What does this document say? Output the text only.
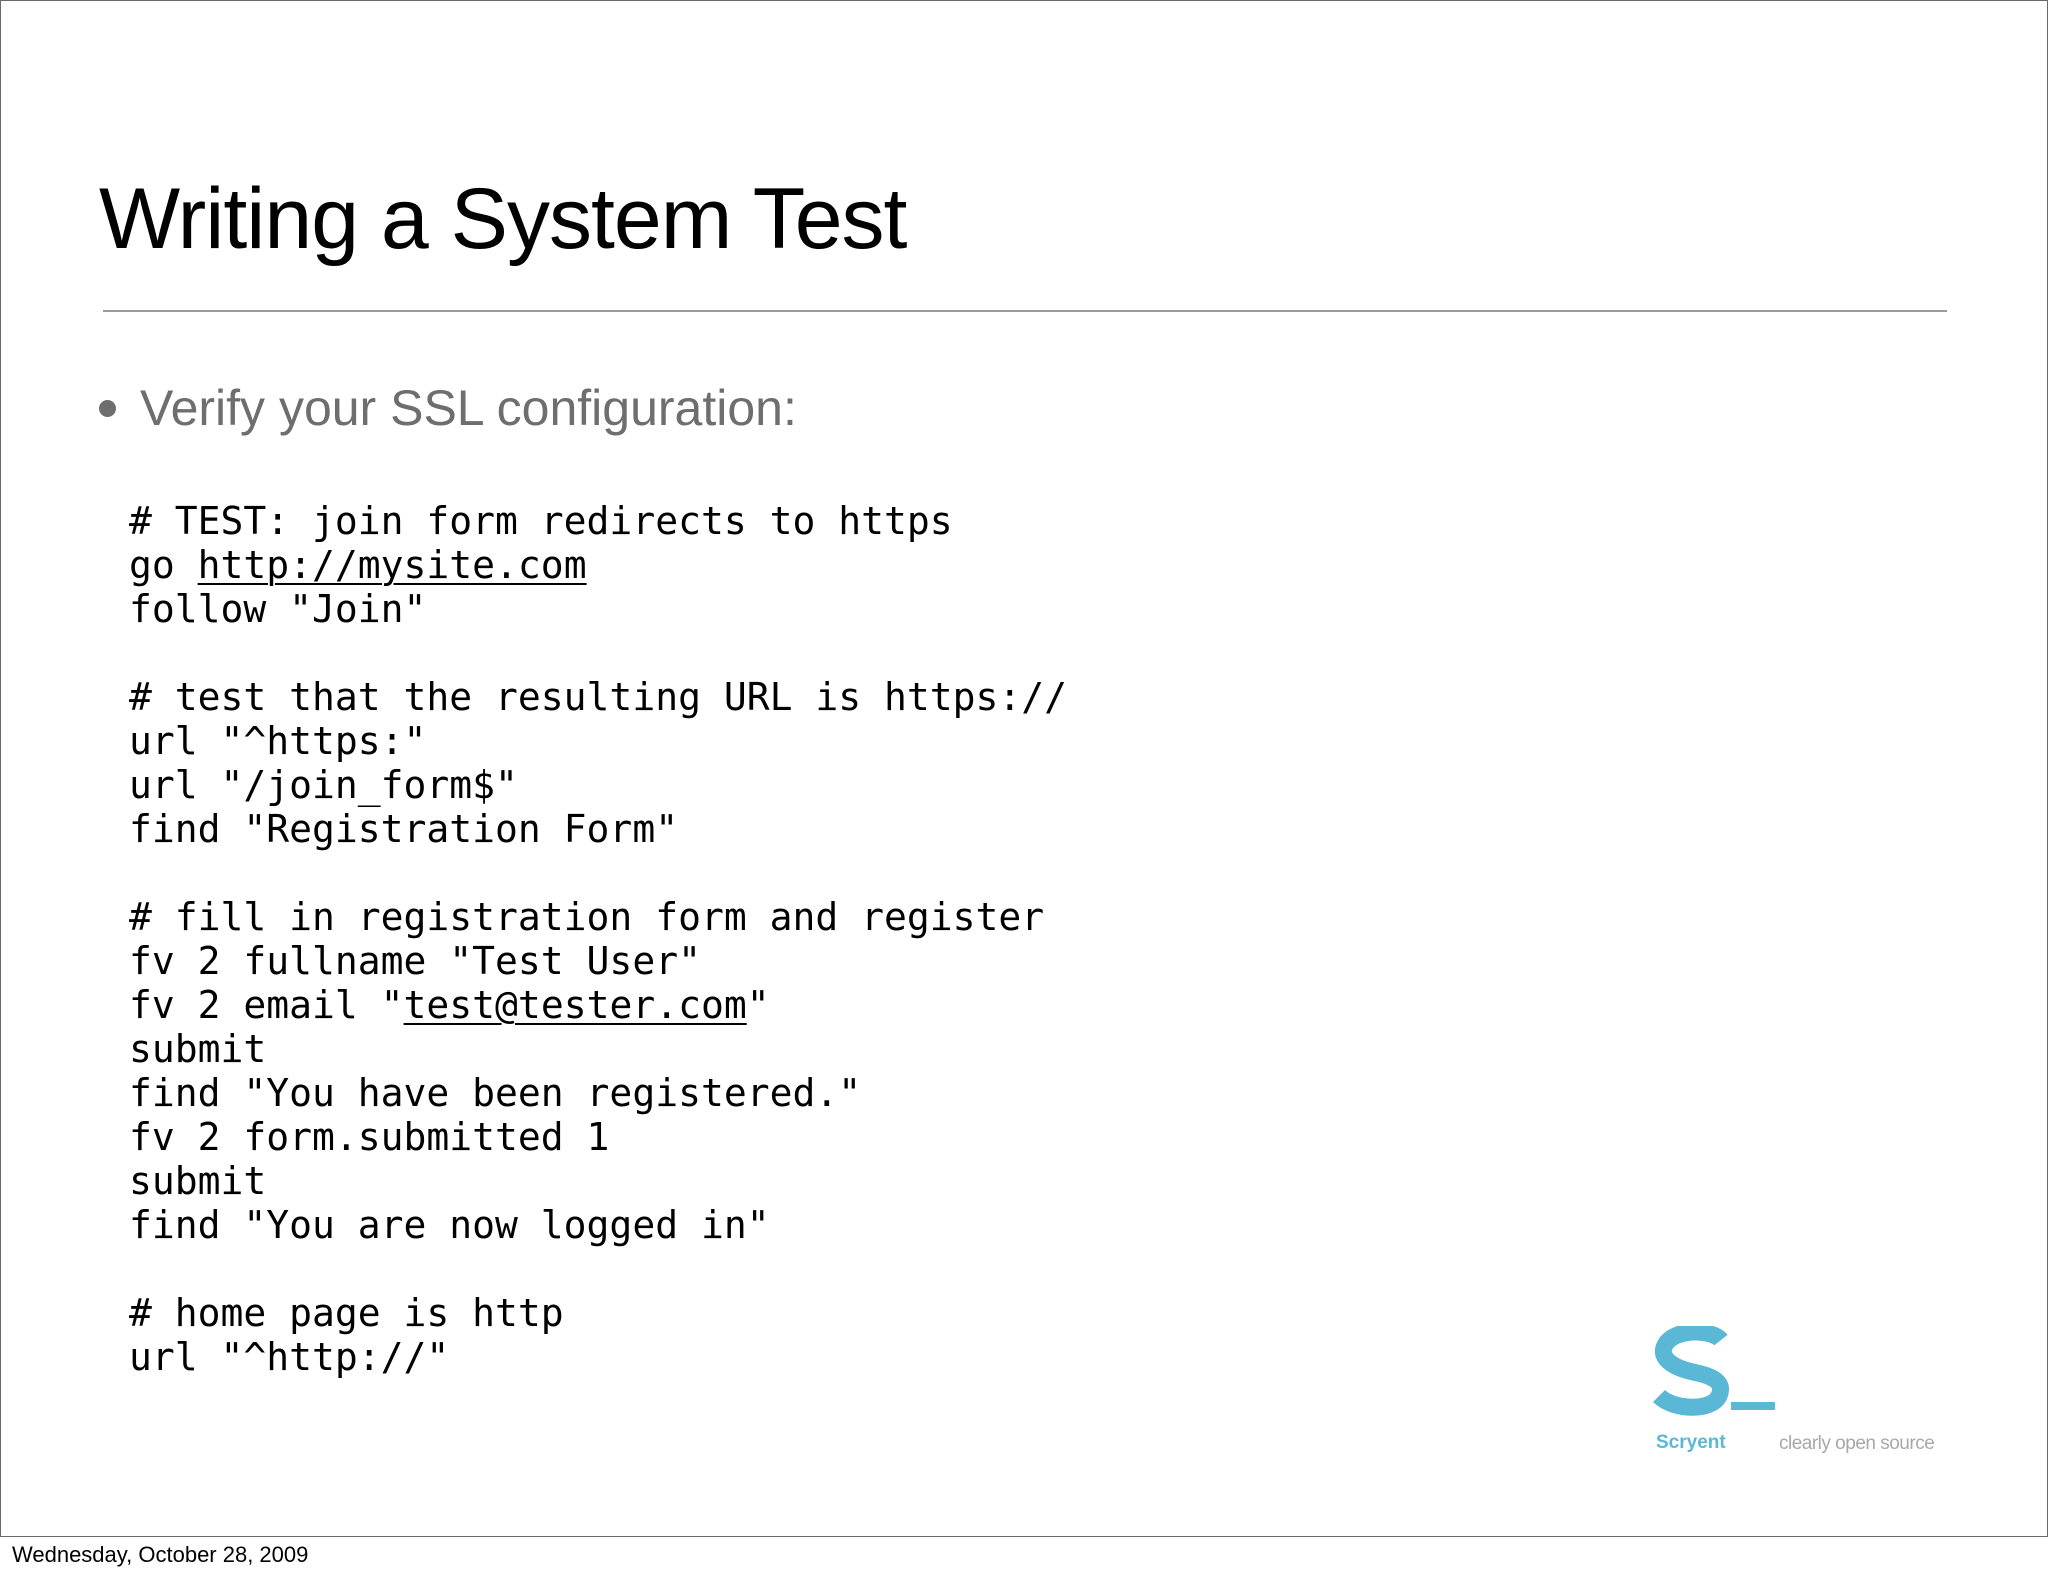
Writing a System Test
Verify your SSL configuration:
# TEST: join form redirects to https
go http://mysite.com
follow "Join"
# test that the resulting URL is https://
url "^https:"
url "/join_form$"
find "Registration Form"
# fill in registration form and register
fv 2 fullname "Test User"
fv 2 email "test@tester.com"
submit
find "You have been registered."
fv 2 form.submitted 1
submit
find "You are now logged in"
# home page is http
url "^http://"
Scryent	clearly open source
Wednesday, October 28, 2009
